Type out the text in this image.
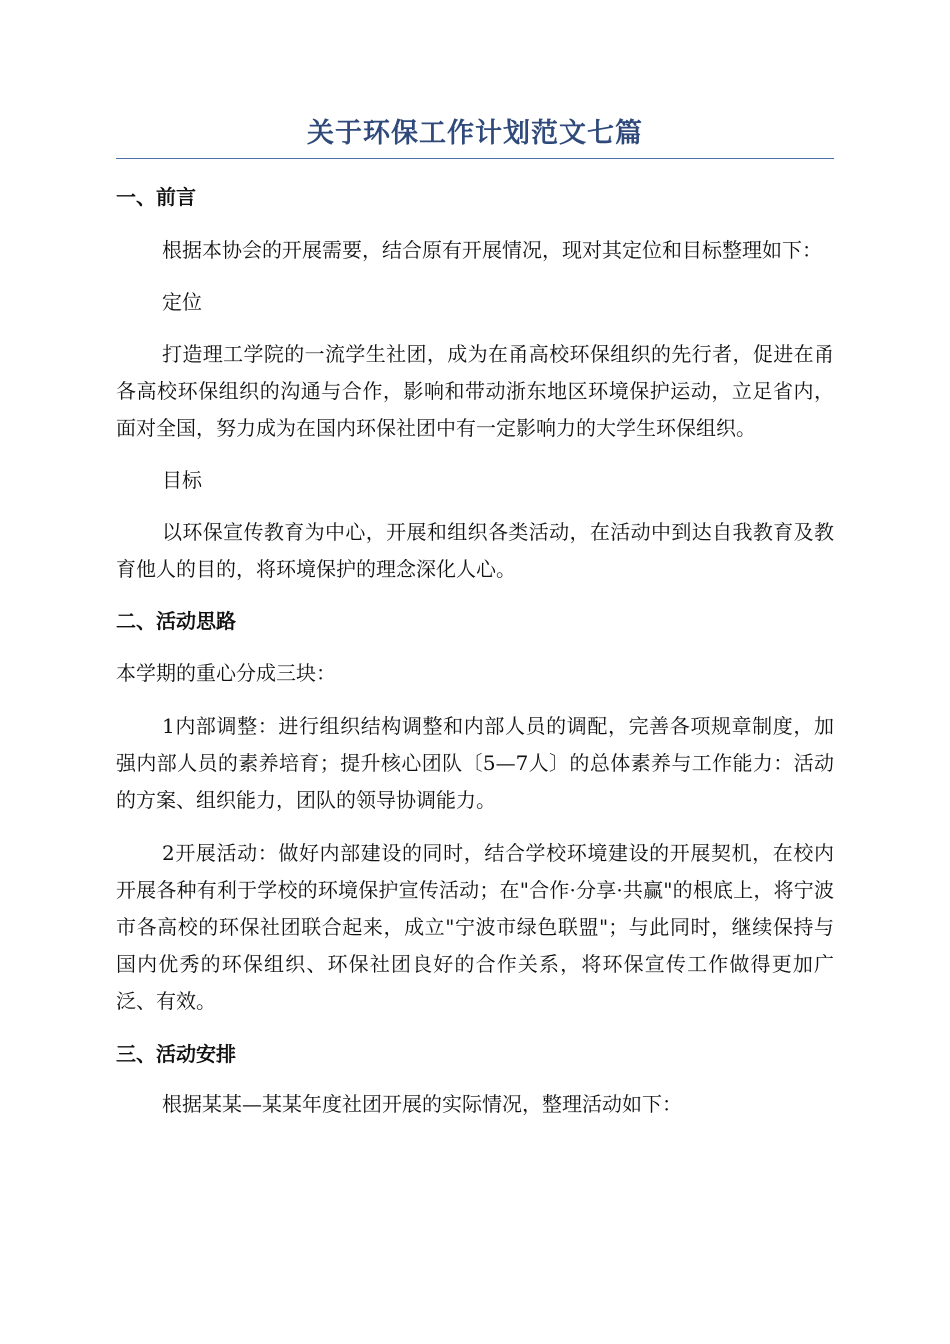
关于环保工作计划范文七篇
一、前言

根据本协会的开展需要，结合原有开展情况，现对其定位和目标整理如下：

定位

打造理工学院的一流学生社团，成为在甬高校环保组织的先行者，促进在甬各高校环保组织的沟通与合作，影响和带动浙东地区环境保护运动，立足省内，面对全国，努力成为在国内环保社团中有一定影响力的大学生环保组织。

目标

以环保宣传教育为中心，开展和组织各类活动，在活动中到达自我教育及教育他人的目的，将环境保护的理念深化人心。

二、活动思路

本学期的重心分成三块：

1内部调整：进行组织结构调整和内部人员的调配，完善各项规章制度，加强内部人员的素养培育；提升核心团队〔5—7人〕的总体素养与工作能力：活动的方案、组织能力，团队的领导协调能力。

2开展活动：做好内部建设的同时，结合学校环境建设的开展契机，在校内开展各种有利于学校的环境保护宣传活动；在"合作·分享·共赢"的根底上，将宁波市各高校的环保社团联合起来，成立"宁波市绿色联盟"；与此同时，继续保持与国内优秀的环保组织、环保社团良好的合作关系，将环保宣传工作做得更加广泛、有效。

三、活动安排

根据某某—某某年度社团开展的实际情况，整理活动如下：
